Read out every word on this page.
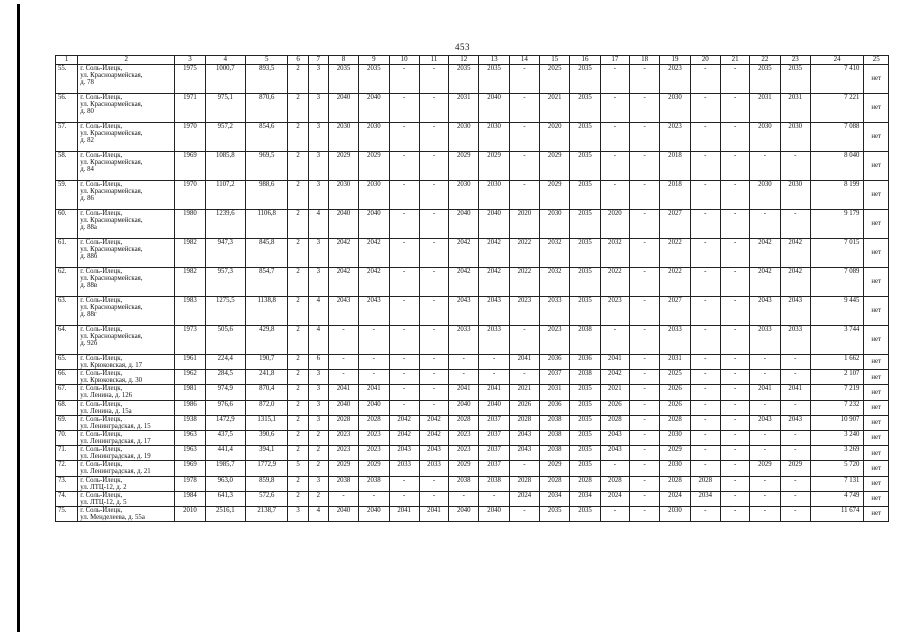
453
1	2	3	4	5	6	7	8	9	10	11	12	13	14	15	16	17	18	19	20	21	22	23	24	25
55.	г. Соль-Илецк,
ул. Красноармейская,
д. 78	1975	1000,7	893,5	2	3	2035	2035	-	-	2035	2035	-	2025	2035	-	-	2023	-	-	2035	2035	7 410	нет
56.	г. Соль-Илецк,
ул. Красноармейская,
д. 80	1971	975,1	870,6	2	3	2040	2040	-	-	2031	2040	-	2021	2035	-	-	2030	-	-	2031	2031	7 221	нет
57.	г. Соль-Илецк,
ул. Красноармейская,
д. 82	1970	957,2	854,6	2	3	2030	2030	-	-	2030	2030	-	2020	2035	-	-	2023	-	-	2030	2030	7 088	нет
58.	г. Соль-Илецк,
ул. Красноармейская,
д. 84	1969	1085,8	969,5	2	3	2029	2029	-	-	2029	2029	-	2029	2035	-	-	2018	-	-	-	-	8 040	нет
59.	г. Соль-Илецк,
ул. Красноармейская,
д. 86	1970	1107,2	988,6	2	3	2030	2030	-	-	2030	2030	-	2029	2035	-	-	2018	-	-	2030	2030	8 199	нет
60.	г. Соль-Илецк,
ул. Красноармейская,
д. 88а	1980	1239,6	1106,8	2	4	2040	2040	-	-	2040	2040	2020	2030	2035	2020	-	2027	-	-	-	-	9 179	нет
61.	г. Соль-Илецк,
ул. Красноармейская,
д. 88б	1982	947,3	845,8	2	3	2042	2042	-	-	2042	2042	2022	2032	2035	2032	-	2022	-	-	2042	2042	7 015	нет
62.	г. Соль-Илецк,
ул. Красноармейская,
д. 88в	1982	957,3	854,7	2	3	2042	2042	-	-	2042	2042	2022	2032	2035	2022	-	2022	-	-	2042	2042	7 089	нет
63.	г. Соль-Илецк,
ул. Красноармейская,
д. 88г	1983	1275,5	1138,8	2	4	2043	2043	-	-	2043	2043	2023	2033	2035	2023	-	2027	-	-	2043	2043	9 445	нет
64.	г. Соль-Илецк,
ул. Красноармейская,
д. 92б	1973	505,6	429,8	2	4	-	-	-	-	2033	2033	-	2023	2038	-	-	2033	-	-	2033	2033	3 744	нет
65.	г. Соль-Илецк,
ул. Крюковская, д. 17	1961	224,4	190,7	2	6	-	-	-	-	-	-	2041	2036	2036	2041	-	2031	-	-	-	-	1 662	нет
66.	г. Соль-Илецк,
ул. Крюковская, д. 30	1962	284,5	241,8	2	3	-	-	-	-	-	-	-	2037	2038	2042	-	2025	-	-	-	-	2 107	нет
67.	г. Соль-Илецк,
ул. Ленина, д. 126	1981	974,9	870,4	2	3	2041	2041	-	-	2041	2041	2021	2031	2035	2021	-	2026	-	-	2041	2041	7 219	нет
68.	г. Соль-Илецк,
ул. Ленина, д. 15а	1986	976,6	872,0	2	3	2040	2040	-	-	2040	2040	2026	2036	2035	2026	-	2026	-	-	-	-	7 232	нет
69.	г. Соль-Илецк,
ул. Ленинградская, д. 15	1938	1472,9	1315,1	2	3	2028	2028	2042	2042	2028	2037	2028	2038	2035	2028	-	2028	-	-	2043	2043	10 907	нет
70.	г. Соль-Илецк,
ул. Ленинградская, д. 17	1963	437,5	390,6	2	2	2023	2023	2042	2042	2023	2037	2043	2038	2035	2043	-	2030	-	-	-	-	3 240	нет
71.	г. Соль-Илецк,
ул. Ленинградская, д. 19	1963	441,4	394,1	2	2	2023	2023	2043	2043	2023	2037	2043	2038	2035	2043	-	2029	-	-	-	-	3 269	нет
72.	г. Соль-Илецк,
ул. Ленинградская, д. 21	1969	1985,7	1772,9	5	2	2029	2029	2033	2033	2029	2037	-	2029	2035	-	-	2030	-	-	2029	2029	5 720	нет
73.	г. Соль-Илецк,
ул. ЛТЦ-12, д. 2	1978	963,0	859,8	2	3	2038	2038	-	-	2038	2038	2028	2028	2028	2028	-	2028	2028	-	-	-	7 131	нет
74.	г. Соль-Илецк,
ул. ЛТЦ-12, д. 5	1984	641,3	572,6	2	2	-	-	-	-	-	-	2024	2034	2034	2024	-	2024	2034	-	-	-	4 749	нет
75.	г. Соль-Илецк,
ул. Менделеева, д. 55а	2010	2516,1	2138,7	3	4	2040	2040	2041	2041	2040	2040	-	2035	2035	-	-	2030	-	-	-	-	11 674	нет
